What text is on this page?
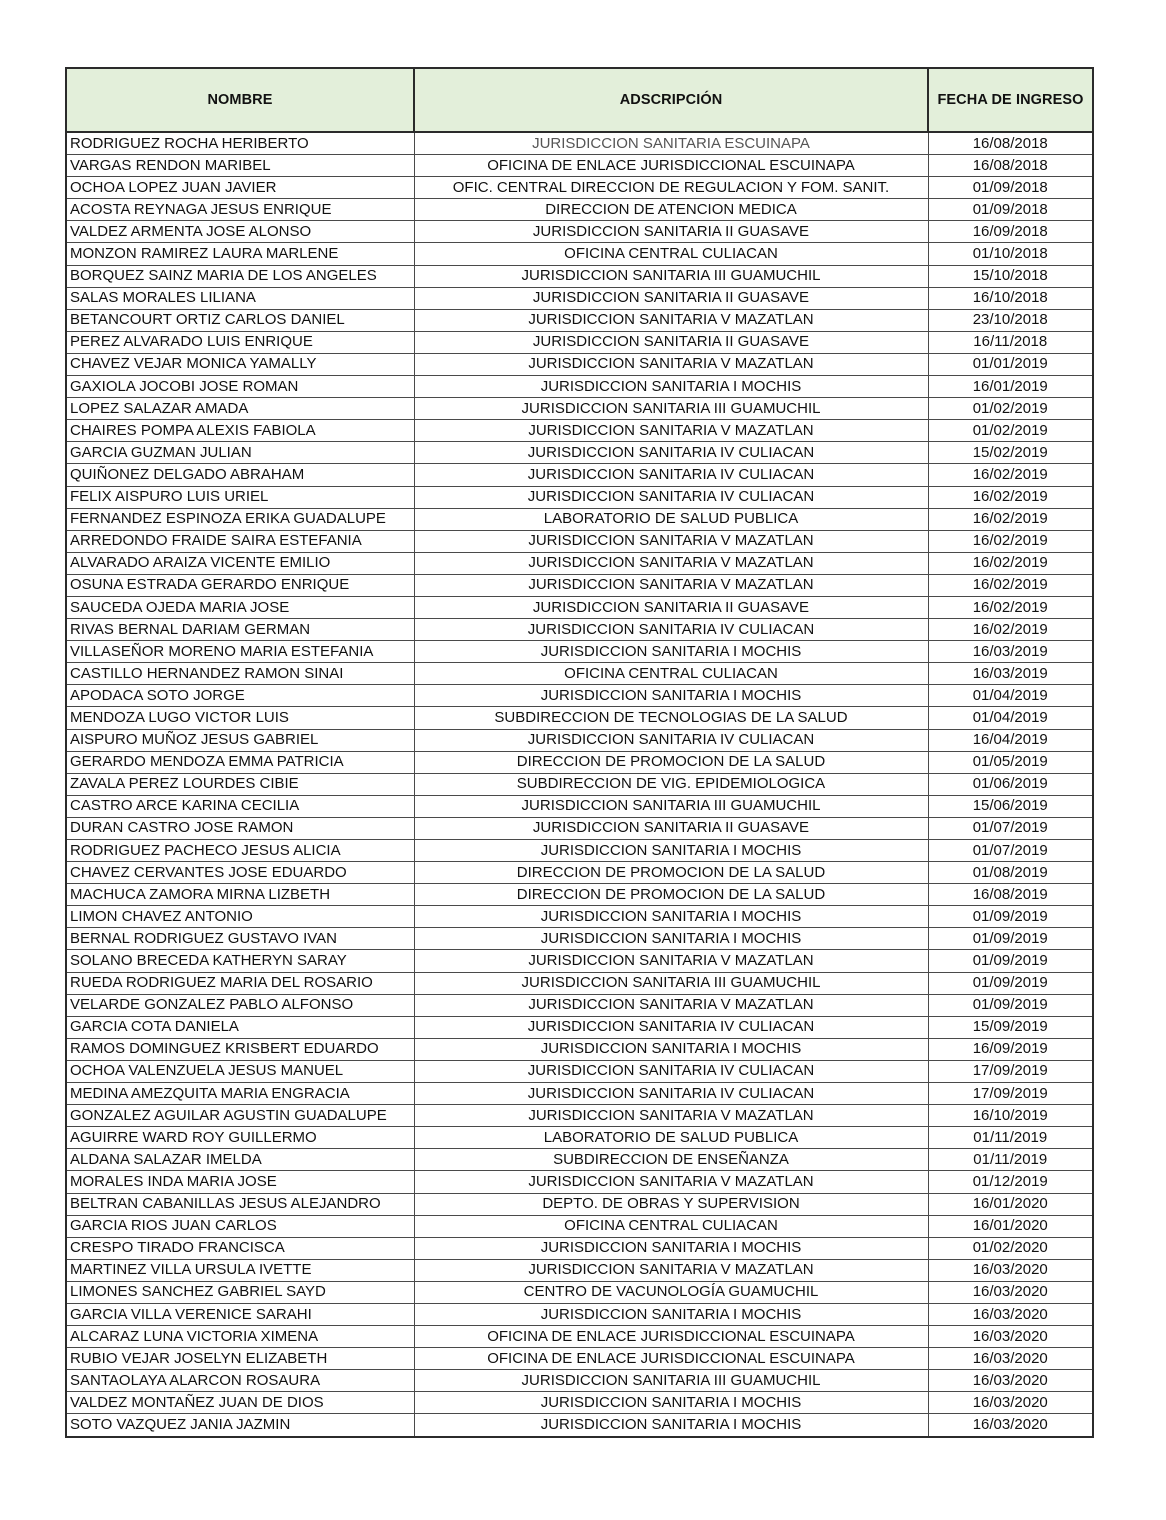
NOMBRE	ADSCRIPCIÓN	FECHA DE INGRESO
RODRIGUEZ ROCHA HERIBERTO	JURISDICCION SANITARIA ESCUINAPA	16/08/2018
VARGAS RENDON MARIBEL	OFICINA DE ENLACE JURISDICCIONAL ESCUINAPA	16/08/2018
OCHOA LOPEZ JUAN JAVIER	OFIC. CENTRAL DIRECCION DE REGULACION Y FOM. SANIT.	01/09/2018
ACOSTA REYNAGA JESUS ENRIQUE	DIRECCION DE ATENCION MEDICA	01/09/2018
VALDEZ ARMENTA JOSE ALONSO	JURISDICCION SANITARIA II GUASAVE	16/09/2018
MONZON RAMIREZ LAURA MARLENE	OFICINA CENTRAL CULIACAN	01/10/2018
BORQUEZ SAINZ MARIA DE LOS ANGELES	JURISDICCION SANITARIA III GUAMUCHIL	15/10/2018
SALAS MORALES LILIANA	JURISDICCION SANITARIA II GUASAVE	16/10/2018
BETANCOURT ORTIZ CARLOS DANIEL	JURISDICCION SANITARIA V MAZATLAN	23/10/2018
PEREZ ALVARADO LUIS ENRIQUE	JURISDICCION SANITARIA II GUASAVE	16/11/2018
CHAVEZ VEJAR MONICA YAMALLY	JURISDICCION SANITARIA V MAZATLAN	01/01/2019
GAXIOLA JOCOBI JOSE ROMAN	JURISDICCION SANITARIA I MOCHIS	16/01/2019
LOPEZ SALAZAR AMADA	JURISDICCION SANITARIA III GUAMUCHIL	01/02/2019
CHAIRES POMPA ALEXIS FABIOLA	JURISDICCION SANITARIA V MAZATLAN	01/02/2019
GARCIA GUZMAN JULIAN	JURISDICCION SANITARIA IV CULIACAN	15/02/2019
QUIÑONEZ DELGADO ABRAHAM	JURISDICCION SANITARIA IV CULIACAN	16/02/2019
FELIX AISPURO LUIS URIEL	JURISDICCION SANITARIA IV CULIACAN	16/02/2019
FERNANDEZ ESPINOZA ERIKA GUADALUPE	LABORATORIO DE SALUD PUBLICA	16/02/2019
ARREDONDO FRAIDE SAIRA ESTEFANIA	JURISDICCION SANITARIA V MAZATLAN	16/02/2019
ALVARADO ARAIZA VICENTE EMILIO	JURISDICCION SANITARIA V MAZATLAN	16/02/2019
OSUNA ESTRADA GERARDO ENRIQUE	JURISDICCION SANITARIA V MAZATLAN	16/02/2019
SAUCEDA OJEDA MARIA JOSE	JURISDICCION SANITARIA II GUASAVE	16/02/2019
RIVAS BERNAL DARIAM GERMAN	JURISDICCION SANITARIA IV CULIACAN	16/02/2019
VILLASEÑOR MORENO MARIA ESTEFANIA	JURISDICCION SANITARIA I MOCHIS	16/03/2019
CASTILLO HERNANDEZ RAMON SINAI	OFICINA CENTRAL CULIACAN	16/03/2019
APODACA SOTO JORGE	JURISDICCION SANITARIA I MOCHIS	01/04/2019
MENDOZA LUGO VICTOR LUIS	SUBDIRECCION DE TECNOLOGIAS DE LA SALUD	01/04/2019
AISPURO MUÑOZ JESUS GABRIEL	JURISDICCION SANITARIA IV CULIACAN	16/04/2019
GERARDO MENDOZA EMMA PATRICIA	DIRECCION DE PROMOCION DE LA SALUD	01/05/2019
ZAVALA PEREZ LOURDES CIBIE	SUBDIRECCION DE VIG. EPIDEMIOLOGICA	01/06/2019
CASTRO ARCE KARINA CECILIA	JURISDICCION SANITARIA III GUAMUCHIL	15/06/2019
DURAN CASTRO JOSE RAMON	JURISDICCION SANITARIA II GUASAVE	01/07/2019
RODRIGUEZ PACHECO JESUS ALICIA	JURISDICCION SANITARIA I MOCHIS	01/07/2019
CHAVEZ CERVANTES JOSE EDUARDO	DIRECCION DE PROMOCION DE LA SALUD	01/08/2019
MACHUCA ZAMORA MIRNA LIZBETH	DIRECCION DE PROMOCION DE LA SALUD	16/08/2019
LIMON CHAVEZ ANTONIO	JURISDICCION SANITARIA I MOCHIS	01/09/2019
BERNAL RODRIGUEZ GUSTAVO IVAN	JURISDICCION SANITARIA I MOCHIS	01/09/2019
SOLANO BRECEDA KATHERYN SARAY	JURISDICCION SANITARIA V MAZATLAN	01/09/2019
RUEDA RODRIGUEZ MARIA DEL ROSARIO	JURISDICCION SANITARIA III GUAMUCHIL	01/09/2019
VELARDE GONZALEZ PABLO ALFONSO	JURISDICCION SANITARIA V MAZATLAN	01/09/2019
GARCIA COTA DANIELA	JURISDICCION SANITARIA IV CULIACAN	15/09/2019
RAMOS DOMINGUEZ KRISBERT EDUARDO	JURISDICCION SANITARIA I MOCHIS	16/09/2019
OCHOA VALENZUELA JESUS MANUEL	JURISDICCION SANITARIA IV CULIACAN	17/09/2019
MEDINA AMEZQUITA MARIA ENGRACIA	JURISDICCION SANITARIA IV CULIACAN	17/09/2019
GONZALEZ AGUILAR AGUSTIN GUADALUPE	JURISDICCION SANITARIA V MAZATLAN	16/10/2019
AGUIRRE WARD ROY GUILLERMO	LABORATORIO DE SALUD PUBLICA	01/11/2019
ALDANA SALAZAR IMELDA	SUBDIRECCION DE ENSEÑANZA	01/11/2019
MORALES INDA MARIA JOSE	JURISDICCION SANITARIA V MAZATLAN	01/12/2019
BELTRAN CABANILLAS JESUS ALEJANDRO	DEPTO. DE OBRAS Y SUPERVISION	16/01/2020
GARCIA RIOS JUAN CARLOS	OFICINA CENTRAL CULIACAN	16/01/2020
CRESPO TIRADO FRANCISCA	JURISDICCION SANITARIA I MOCHIS	01/02/2020
MARTINEZ VILLA URSULA IVETTE	JURISDICCION SANITARIA V MAZATLAN	16/03/2020
LIMONES SANCHEZ GABRIEL SAYD	CENTRO DE VACUNOLOGÍA GUAMUCHIL	16/03/2020
GARCIA VILLA VERENICE SARAHI	JURISDICCION SANITARIA I MOCHIS	16/03/2020
ALCARAZ LUNA VICTORIA XIMENA	OFICINA DE ENLACE JURISDICCIONAL ESCUINAPA	16/03/2020
RUBIO VEJAR JOSELYN ELIZABETH	OFICINA DE ENLACE JURISDICCIONAL ESCUINAPA	16/03/2020
SANTAOLAYA ALARCON ROSAURA	JURISDICCION SANITARIA III GUAMUCHIL	16/03/2020
VALDEZ MONTAÑEZ JUAN DE DIOS	JURISDICCION SANITARIA I MOCHIS	16/03/2020
SOTO VAZQUEZ JANIA JAZMIN	JURISDICCION SANITARIA I MOCHIS	16/03/2020
